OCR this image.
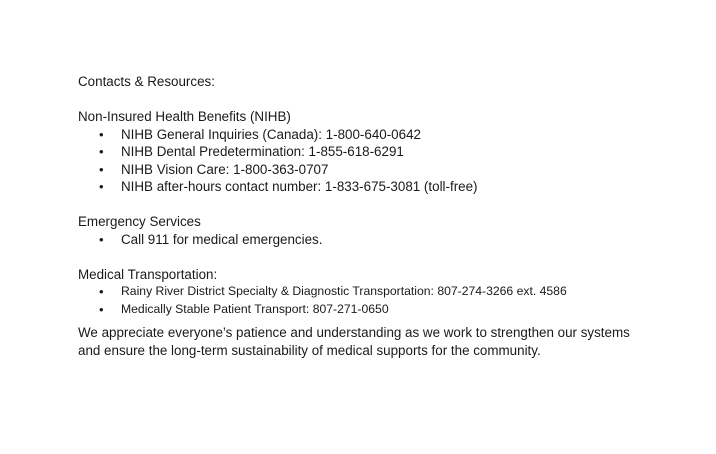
Contacts & Resources:
Non-Insured Health Benefits (NIHB)
• NIHB General Inquiries (Canada): 1-800-640-0642
• NIHB Dental Predetermination: 1-855-618-6291
• NIHB Vision Care: 1-800-363-0707
• NIHB after-hours contact number: 1-833-675-3081 (toll-free)
Emergency Services
• Call 911 for medical emergencies.
Medical Transportation:
• Rainy River District Specialty & Diagnostic Transportation: 807-274-3266 ext. 4586
• Medically Stable Patient Transport: 807-271-0650
We appreciate everyone’s patience and understanding as we work to strengthen our systems and ensure the long-term sustainability of medical supports for the community.
